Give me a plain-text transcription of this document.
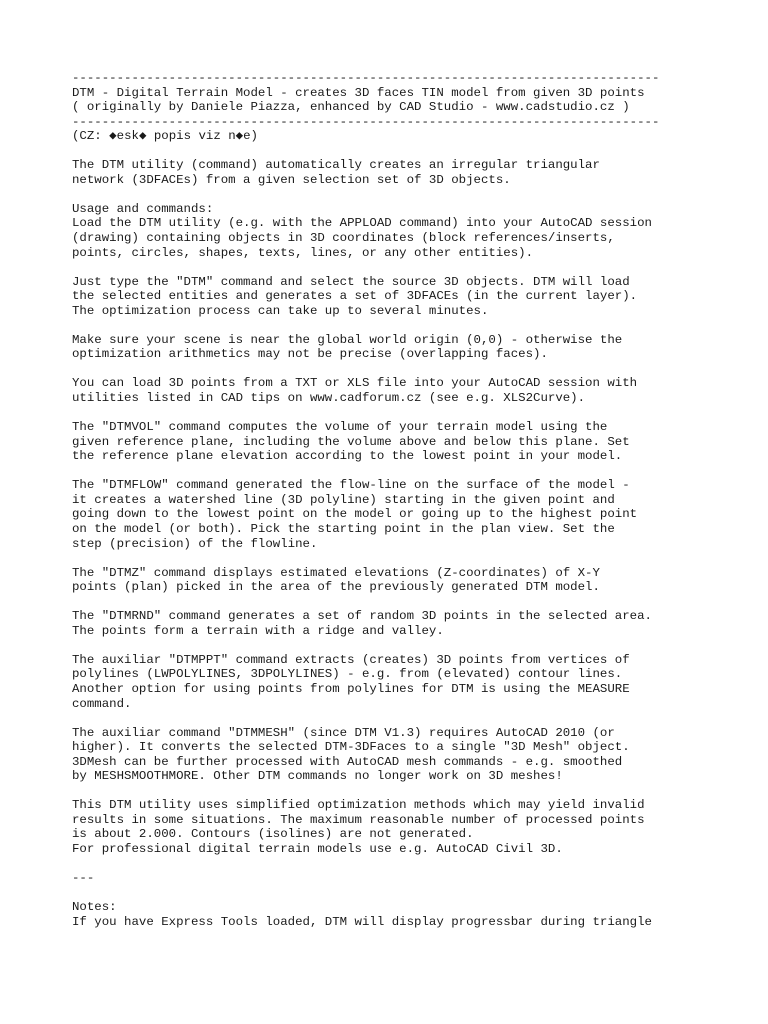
-------------------------------------------------------------------------------
DTM - Digital Terrain Model - creates 3D faces TIN model from given 3D points
( originally by Daniele Piazza, enhanced by CAD Studio - www.cadstudio.cz )
-------------------------------------------------------------------------------
(CZ: ◆esk◆ popis viz n◆e)
The DTM utility (command) automatically creates an irregular triangular
network (3DFACEs) from a given selection set of 3D objects.
Usage and commands:
Load the DTM utility (e.g. with the APPLOAD command) into your AutoCAD session
(drawing) containing objects in 3D coordinates (block references/inserts,
points, circles, shapes, texts, lines, or any other entities).
Just type the "DTM" command and select the source 3D objects. DTM will load
the selected entities and generates a set of 3DFACEs (in the current layer).
The optimization process can take up to several minutes.
Make sure your scene is near the global world origin (0,0) - otherwise the
optimization arithmetics may not be precise (overlapping faces).
You can load 3D points from a TXT or XLS file into your AutoCAD session with
utilities listed in CAD tips on www.cadforum.cz (see e.g. XLS2Curve).
The "DTMVOL" command computes the volume of your terrain model using the
given reference plane, including the volume above and below this plane. Set
the reference plane elevation according to the lowest point in your model.
The "DTMFLOW" command generated the flow-line on the surface of the model -
it creates a watershed line (3D polyline) starting in the given point and
going down to the lowest point on the model or going up to the highest point
on the model (or both). Pick the starting point in the plan view. Set the
step (precision) of the flowline.
The "DTMZ" command displays estimated elevations (Z-coordinates) of X-Y
points (plan) picked in the area of the previously generated DTM model.
The "DTMRND" command generates a set of random 3D points in the selected area.
The points form a terrain with a ridge and valley.
The auxiliar "DTMPPT" command extracts (creates) 3D points from vertices of
polylines (LWPOLYLINES, 3DPOLYLINES) - e.g. from (elevated) contour lines.
Another option for using points from polylines for DTM is using the MEASURE
command.
The auxiliar command "DTMMESH" (since DTM V1.3) requires AutoCAD 2010 (or
higher). It converts the selected DTM-3DFaces to a single "3D Mesh" object.
3DMesh can be further processed with AutoCAD mesh commands - e.g. smoothed
by MESHSMOOTHMORE. Other DTM commands no longer work on 3D meshes!
This DTM utility uses simplified optimization methods which may yield invalid
results in some situations. The maximum reasonable number of processed points
is about 2.000. Contours (isolines) are not generated.
For professional digital terrain models use e.g. AutoCAD Civil 3D.
---
Notes:
If you have Express Tools loaded, DTM will display progressbar during triangle
